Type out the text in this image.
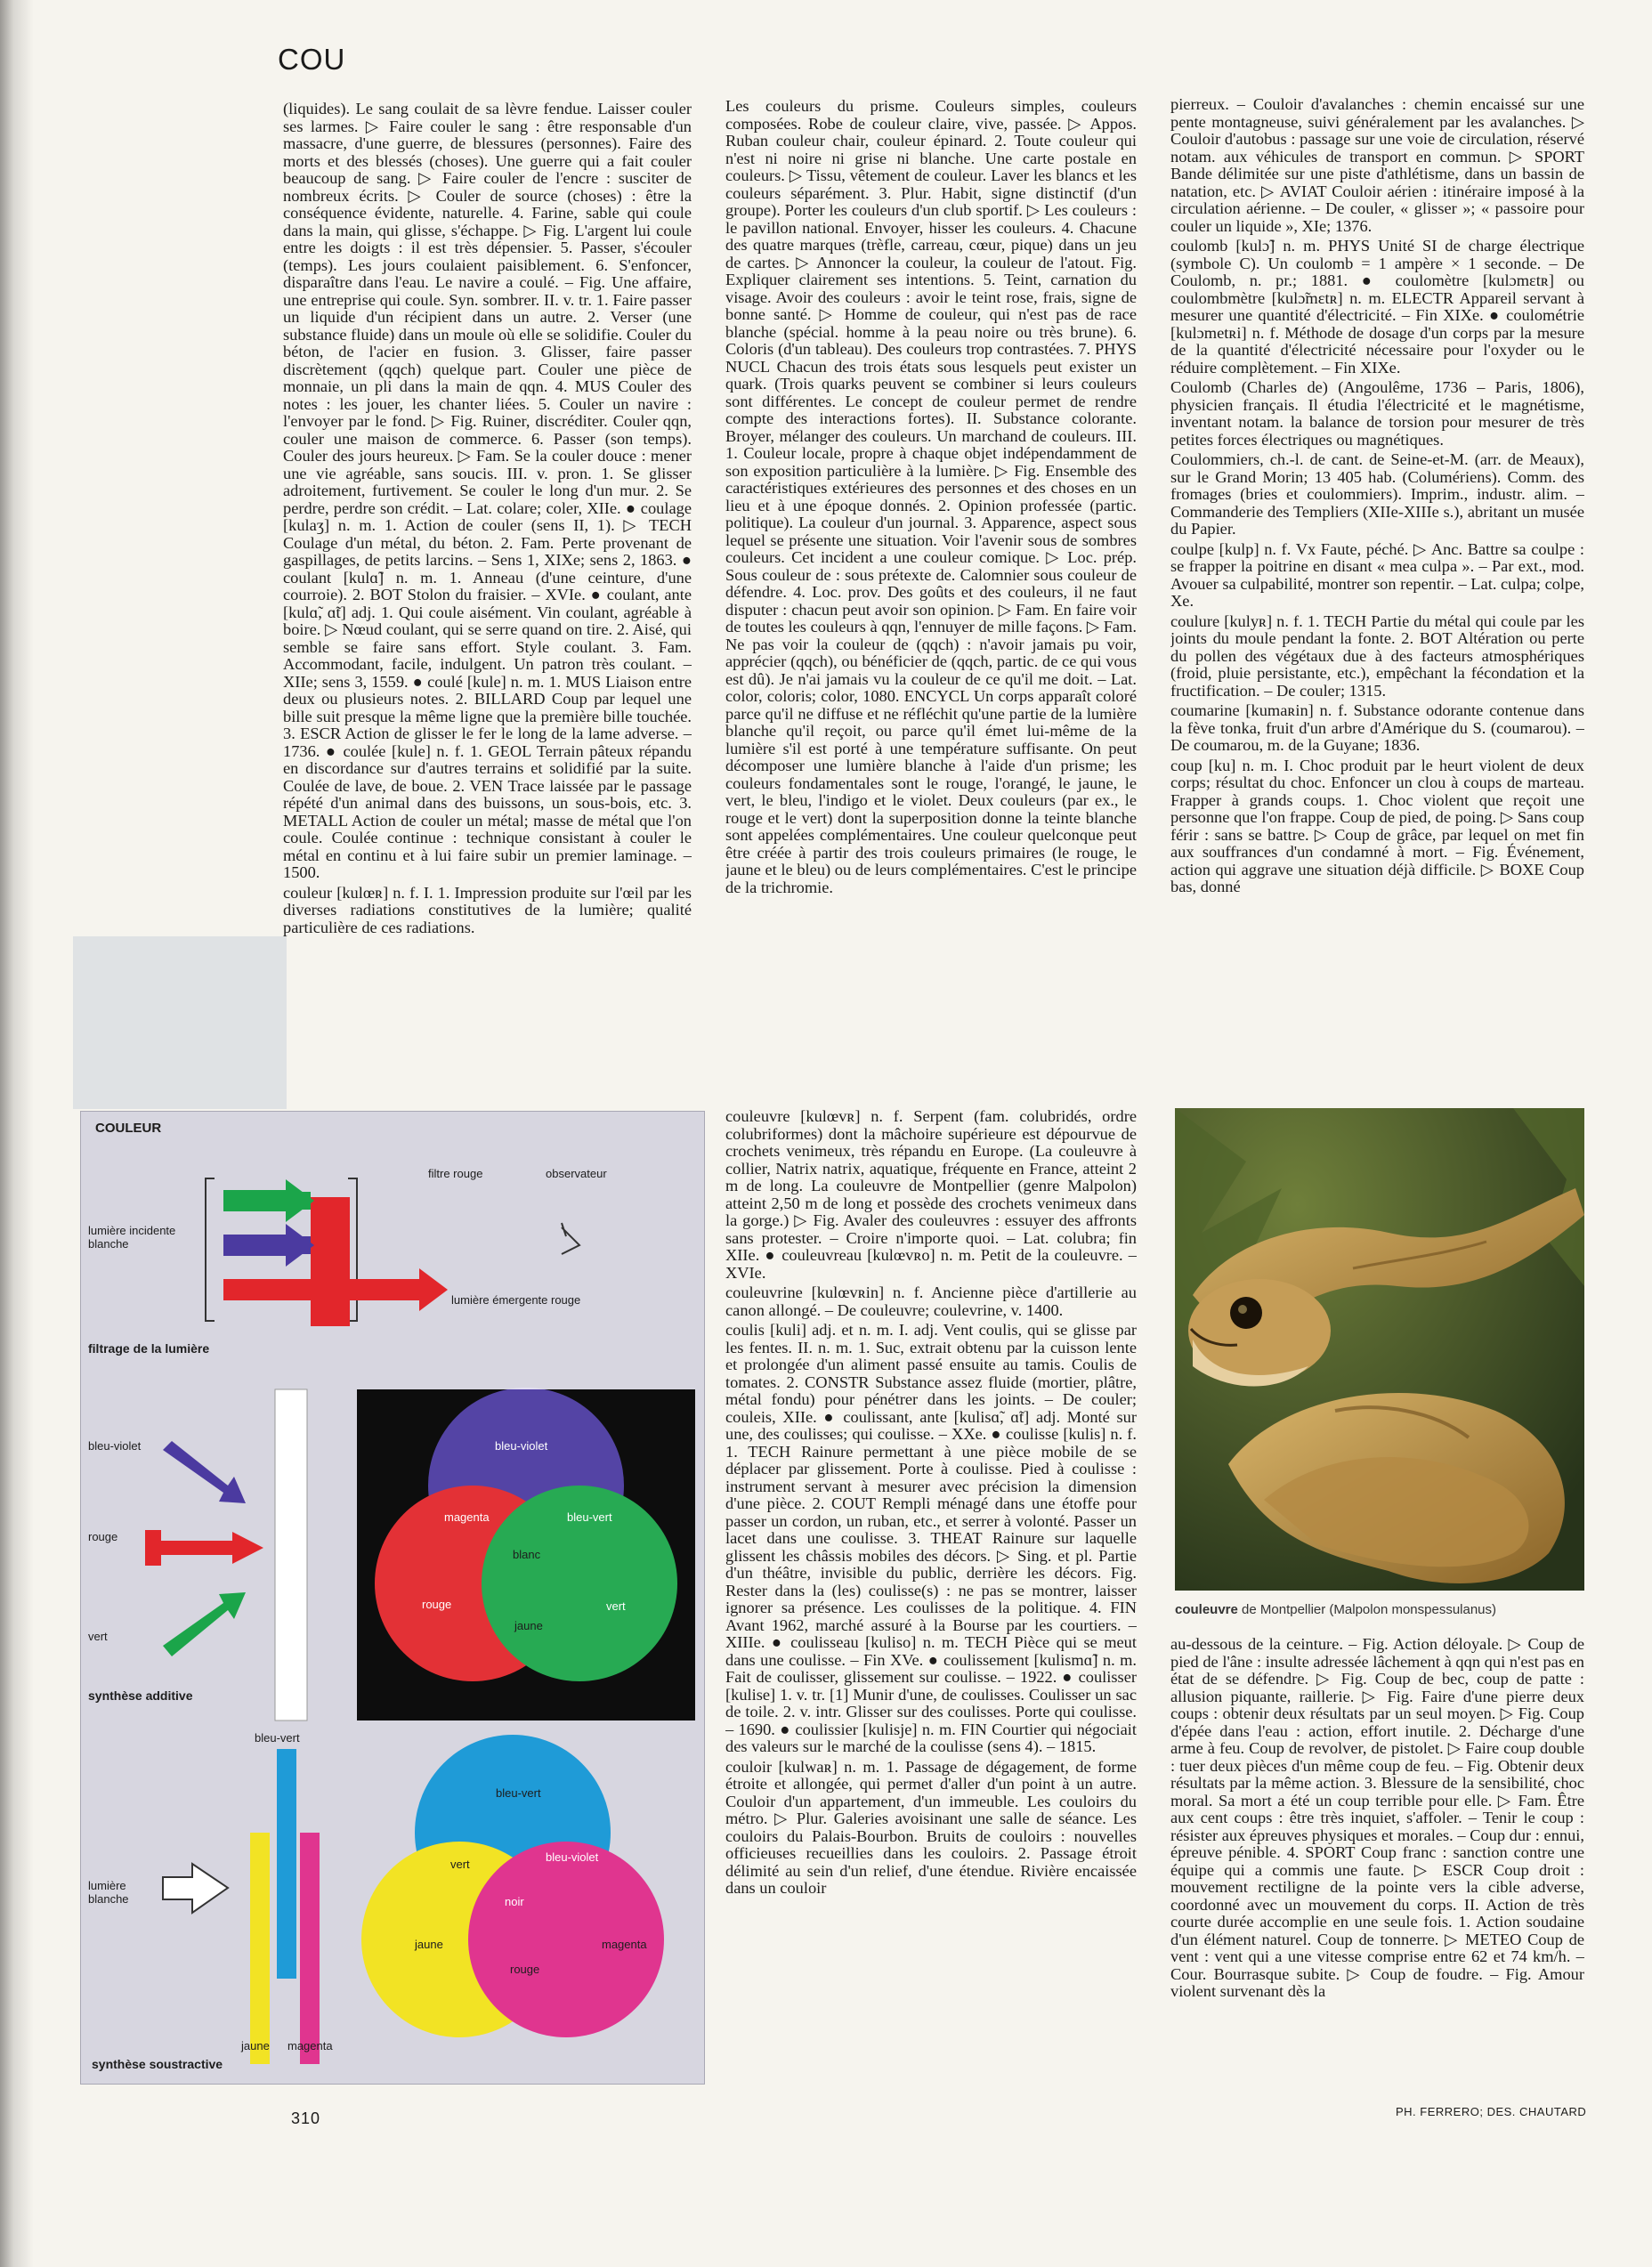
COU

(liquides). Le sang coulait de sa lèvre fendue. Laisser couler ses larmes. ▷ Faire couler le sang : être responsable d'un massacre, d'une guerre, de blessures (personnes). Faire des morts et des blessés (choses). Une guerre qui a fait couler beaucoup de sang. ▷ Faire couler de l'encre : susciter de nombreux écrits. ▷ Couler de source (choses) : être la conséquence évidente, naturelle. 4. Farine, sable qui coule dans la main, qui glisse, s'échappe. ▷ Fig. L'argent lui coule entre les doigts : il est très dépensier. 5. Passer, s'écouler (temps). Les jours coulaient paisiblement. 6. S'enfoncer, disparaître dans l'eau. Le navire a coulé. – Fig. Une affaire, une entreprise qui coule. Syn. sombrer. II. v. tr. 1. Faire passer un liquide d'un récipient dans un autre. 2. Verser (une substance fluide) dans un moule où elle se solidifie. Couler du béton, de l'acier en fusion. 3. Glisser, faire passer discrètement (qqch) quelque part. Couler une pièce de monnaie, un pli dans la main de qqn. 4. MUS Couler des notes : les jouer, les chanter liées. 5. Couler un navire : l'envoyer par le fond. ▷ Fig. Ruiner, discréditer. Couler qqn, couler une maison de commerce. 6. Passer (son temps). Couler des jours heureux. ▷ Fam. Se la couler douce : mener une vie agréable, sans soucis. III. v. pron. 1. Se glisser adroitement, furtivement. Se couler le long d'un mur. 2. Se perdre, perdre son crédit. – Lat. colare; coler, XIIe. ● coulage [kulaʒ] n. m. 1. Action de couler (sens II, 1). ▷ TECH Coulage d'un métal, du béton. 2. Fam. Perte provenant de gaspillages, de petits larcins. – Sens 1, XIXe; sens 2, 1863. ● coulant [kulɑ̃] n. m. 1. Anneau (d'une ceinture, d'une courroie). 2. BOT Stolon du fraisier. – XVIe. ● coulant, ante [kulɑ̃, ɑ̃t] adj. 1. Qui coule aisément. Vin coulant, agréable à boire. ▷ Nœud coulant, qui se serre quand on tire. 2. Aisé, qui semble se faire sans effort. Style coulant. 3. Fam. Accommodant, facile, indulgent. Un patron très coulant. – XIIe; sens 3, 1559. ● coulé [kule] n. m. 1. MUS Liaison entre deux ou plusieurs notes. 2. BILLARD Coup par lequel une bille suit presque la même ligne que la première bille touchée. 3. ESCR Action de glisser le fer le long de la lame adverse. – 1736. ● coulée [kule] n. f. 1. GEOL Terrain pâteux répandu en discordance sur d'autres terrains et solidifié par la suite. Coulée de lave, de boue. 2. VEN Trace laissée par le passage répété d'un animal dans des buissons, un sous-bois, etc. 3. METALL Action de couler un métal; masse de métal que l'on coule. Coulée continue : technique consistant à couler le métal en continu et à lui faire subir un premier laminage. – 1500.

couleur [kulœʀ] n. f. I. 1. Impression produite sur l'œil par les diverses radiations constitutives de la lumière; qualité particulière de ces radiations.

Les couleurs du prisme. Couleurs simples, couleurs composées. Robe de couleur claire, vive, passée. ▷ Appos. Ruban couleur chair, couleur épinard. 2. Toute couleur qui n'est ni noire ni grise ni blanche. Une carte postale en couleurs. ▷ Tissu, vêtement de couleur. Laver les blancs et les couleurs séparément. 3. Plur. Habit, signe distinctif (d'un groupe). Porter les couleurs d'un club sportif. ▷ Les couleurs : le pavillon national. Envoyer, hisser les couleurs. 4. Chacune des quatre marques (trèfle, carreau, cœur, pique) dans un jeu de cartes. ▷ Annoncer la couleur, la couleur de l'atout. Fig. Expliquer clairement ses intentions. 5. Teint, carnation du visage. Avoir des couleurs : avoir le teint rose, frais, signe de bonne santé. ▷ Homme de couleur, qui n'est pas de race blanche (spécial. homme à la peau noire ou très brune). 6. Coloris (d'un tableau). Des couleurs trop contrastées. 7. PHYS NUCL Chacun des trois états sous lesquels peut exister un quark. (Trois quarks peuvent se combiner si leurs couleurs sont différentes. Le concept de couleur permet de rendre compte des interactions fortes). II. Substance colorante. Broyer, mélanger des couleurs. Un marchand de couleurs. III. 1. Couleur locale, propre à chaque objet indépendamment de son exposition particulière à la lumière. ▷ Fig. Ensemble des caractéristiques extérieures des personnes et des choses en un lieu et à une époque donnés. 2. Opinion professée (partic. politique). La couleur d'un journal. 3. Apparence, aspect sous lequel se présente une situation. Voir l'avenir sous de sombres couleurs. Cet incident a une couleur comique. ▷ Loc. prép. Sous couleur de : sous prétexte de. Calomnier sous couleur de défendre. 4. Loc. prov. Des goûts et des couleurs, il ne faut disputer : chacun peut avoir son opinion. ▷ Fam. En faire voir de toutes les couleurs à qqn, l'ennuyer de mille façons. ▷ Fam. Ne pas voir la couleur de (qqch) : n'avoir jamais pu voir, apprécier (qqch), ou bénéficier de (qqch, partic. de ce qui vous est dû). Je n'ai jamais vu la couleur de ce qu'il me doit. – Lat. color, coloris; color, 1080. ENCYCL Un corps apparaît coloré parce qu'il ne diffuse et ne réfléchit qu'une partie de la lumière blanche qu'il reçoit, ou parce qu'il émet lui-même de la lumière s'il est porté à une température suffisante. On peut décomposer une lumière blanche à l'aide d'un prisme; les couleurs fondamentales sont le rouge, l'orangé, le jaune, le vert, le bleu, l'indigo et le violet. Deux couleurs (par ex., le rouge et le vert) dont la superposition donne la teinte blanche sont appelées complémentaires. Une couleur quelconque peut être créée à partir des trois couleurs primaires (le rouge, le jaune et le bleu) ou de leurs complémentaires. C'est le principe de la trichromie.

couleuvre [kulœvʀ] n. f. Serpent (fam. colubridés, ordre colubriformes) dont la mâchoire supérieure est dépourvue de crochets venimeux, très répandu en Europe. (La couleuvre à collier, Natrix natrix, aquatique, fréquente en France, atteint 2 m de long. La couleuvre de Montpellier (genre Malpolon) atteint 2,50 m de long et possède des crochets venimeux dans la gorge.) ▷ Fig. Avaler des couleuvres : essuyer des affronts sans protester. – Croire n'importe quoi. – Lat. colubra; fin XIIe. ● couleuvreau [kulœvʀo] n. m. Petit de la couleuvre. – XVIe.

couleuvrine [kulœvʀin] n. f. Ancienne pièce d'artillerie au canon allongé. – De couleuvre; coulevrine, v. 1400.

coulis [kuli] adj. et n. m. I. adj. Vent coulis, qui se glisse par les fentes. II. n. m. 1. Suc, extrait obtenu par la cuisson lente et prolongée d'un aliment passé ensuite au tamis. Coulis de tomates. 2. CONSTR Substance assez fluide (mortier, plâtre, métal fondu) pour pénétrer dans les joints. – De couler; couleis, XIIe. ● coulissant, ante [kulisɑ̃, ɑ̃t] adj. Monté sur une, des coulisses; qui coulisse. – XXe. ● coulisse [kulis] n. f. 1. TECH Rainure permettant à une pièce mobile de se déplacer par glissement. Porte à coulisse. Pied à coulisse : instrument servant à mesurer avec précision la dimension d'une pièce. 2. COUT Rempli ménagé dans une étoffe pour passer un cordon, un ruban, etc., et serrer à volonté. Passer un lacet dans une coulisse. 3. THEAT Rainure sur laquelle glissent les châssis mobiles des décors. ▷ Sing. et pl. Partie d'un théâtre, invisible du public, derrière les décors. Fig. Rester dans la (les) coulisse(s) : ne pas se montrer, laisser ignorer sa présence. Les coulisses de la politique. 4. FIN Avant 1962, marché assuré à la Bourse par les courtiers. – XIIIe. ● coulisseau [kuliso] n. m. TECH Pièce qui se meut dans une coulisse. – Fin XVe. ● coulissement [kulismɑ̃] n. m. Fait de coulisser, glissement sur coulisse. – 1922. ● coulisser [kulise] 1. v. tr. [1] Munir d'une, de coulisses. Coulisser un sac de toile. 2. v. intr. Glisser sur des coulisses. Porte qui coulisse. – 1690. ● coulissier [kulisje] n. m. FIN Courtier qui négociait des valeurs sur le marché de la coulisse (sens 4). – 1815.

couloir [kulwaʀ] n. m. 1. Passage de dégagement, de forme étroite et allongée, qui permet d'aller d'un point à un autre. Couloir d'un appartement, d'un immeuble. Les couloirs du métro. ▷ Plur. Galeries avoisinant une salle de séance. Les couloirs du Palais-Bourbon. Bruits de couloirs : nouvelles officieuses recueillies dans les couloirs. 2. Passage étroit délimité au sein d'un relief, d'une étendue. Rivière encaissée dans un couloir

pierreux. – Couloir d'avalanches : chemin encaissé sur une pente montagneuse, suivi généralement par les avalanches. ▷ Couloir d'autobus : passage sur une voie de circulation, réservé notam. aux véhicules de transport en commun. ▷ SPORT Bande délimitée sur une piste d'athlétisme, dans un bassin de natation, etc. ▷ AVIAT Couloir aérien : itinéraire imposé à la circulation aérienne. – De couler, « glisser »; « passoire pour couler un liquide », XIe; 1376.

coulomb [kulɔ̃] n. m. PHYS Unité SI de charge électrique (symbole C). Un coulomb = 1 ampère × 1 seconde. – De Coulomb, n. pr.; 1881. ● coulomètre [kulɔmɛtʀ] ou coulombmètre [kulɔ̃mɛtʀ] n. m. ELECTR Appareil servant à mesurer une quantité d'électricité. – Fin XIXe. ● coulométrie [kulɔmetʀi] n. f. Méthode de dosage d'un corps par la mesure de la quantité d'électricité nécessaire pour l'oxyder ou le réduire complètement. – Fin XIXe.

Coulomb (Charles de) (Angoulême, 1736 – Paris, 1806), physicien français. Il étudia l'électricité et le magnétisme, inventant notam. la balance de torsion pour mesurer de très petites forces électriques ou magnétiques.

Coulommiers, ch.-l. de cant. de Seine-et-M. (arr. de Meaux), sur le Grand Morin; 13 405 hab. (Columériens). Comm. des fromages (bries et coulommiers). Imprim., industr. alim. – Commanderie des Templiers (XIIe-XIIIe s.), abritant un musée du Papier.

coulpe [kulp] n. f. Vx Faute, péché. ▷ Anc. Battre sa coulpe : se frapper la poitrine en disant « mea culpa ». – Par ext., mod. Avouer sa culpabilité, montrer son repentir. – Lat. culpa; colpe, Xe.

coulure [kulyʀ] n. f. 1. TECH Partie du métal qui coule par les joints du moule pendant la fonte. 2. BOT Altération ou perte du pollen des végétaux due à des facteurs atmosphériques (froid, pluie persistante, etc.), empêchant la fécondation et la fructification. – De couler; 1315.

coumarine [kumaʀin] n. f. Substance odorante contenue dans la fève tonka, fruit d'un arbre d'Amérique du S. (coumarou). – De coumarou, m. de la Guyane; 1836.

coup [ku] n. m. I. Choc produit par le heurt violent de deux corps; résultat du choc. Enfoncer un clou à coups de marteau. Frapper à grands coups. 1. Choc violent que reçoit une personne que l'on frappe. Coup de pied, de poing. ▷ Sans coup férir : sans se battre. ▷ Coup de grâce, par lequel on met fin aux souffrances d'un condamné à mort. – Fig. Événement, action qui aggrave une situation déjà difficile. ▷ BOXE Coup bas, donné

au-dessous de la ceinture. – Fig. Action déloyale. ▷ Coup de pied de l'âne : insulte adressée lâchement à qqn qui n'est pas en état de se défendre. ▷ Fig. Coup de bec, coup de patte : allusion piquante, raillerie. ▷ Fig. Faire d'une pierre deux coups : obtenir deux résultats par un seul moyen. ▷ Fig. Coup d'épée dans l'eau : action, effort inutile. 2. Décharge d'une arme à feu. Coup de revolver, de pistolet. ▷ Faire coup double : tuer deux pièces d'un même coup de feu. – Fig. Obtenir deux résultats par la même action. 3. Blessure de la sensibilité, choc moral. Sa mort a été un coup terrible pour elle. ▷ Fam. Être aux cent coups : être très inquiet, s'affoler. – Tenir le coup : résister aux épreuves physiques et morales. – Coup dur : ennui, épreuve pénible. 4. SPORT Coup franc : sanction contre une équipe qui a commis une faute. ▷ ESCR Coup droit : mouvement rectiligne de la pointe vers la cible adverse, coordonné avec un mouvement du corps. II. Action de très courte durée accomplie en une seule fois. 1. Action soudaine d'un élément naturel. Coup de tonnerre. ▷ METEO Coup de vent : vent qui a une vitesse comprise entre 62 et 74 km/h. – Cour. Bourrasque subite. ▷ Coup de foudre. – Fig. Amour violent survenant dès la

COULEUR
filtre rouge	observateur
lumière incidente blanche
lumière émergente rouge
filtrage de la lumière
bleu-violet
rouge
vert
synthèse additive
bleu-violet
magenta	bleu-vert
blanc
rouge	vert
jaune
bleu-vert
lumière blanche
jaune magenta
synthèse soustractive
bleu-vert
vert
bleu-violet
noir
jaune	magenta
rouge
couleuvre de Montpellier (Malpolon monspessulanus)
310	PH. FERRERO; DES. CHAUTARD
